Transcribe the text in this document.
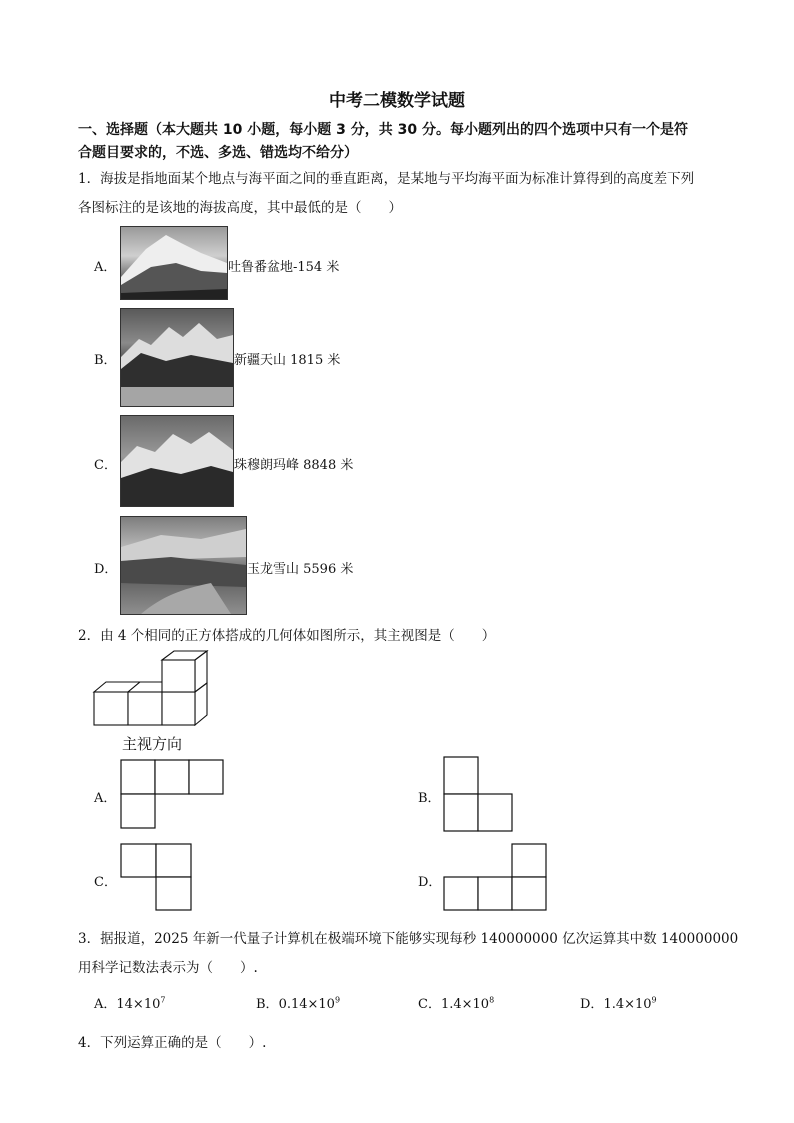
中考二模数学试题
一、选择题（本大题共 10 小题，每小题 3 分，共 30 分。每小题列出的四个选项中只有一个是符
合题目要求的，不选、多选、错选均不给分）
1．海拔是指地面某个地点与海平面之间的垂直距离，是某地与平均海平面为标准计算得到的高度差下列
各图标注的是该地的海拔高度，其中最低的是（　　）
A．	吐鲁番盆地-154 米
B．	新疆天山 1815 米
C．	珠穆朗玛峰 8848 米
D．	玉龙雪山 5596 米
2．由 4 个相同的正方体搭成的几何体如图所示，其主视图是（　　）
主视方向
A．	B．
C．	D．
3．据报道，2025 年新一代量子计算机在极端环境下能够实现每秒 140000000 亿次运算其中数 140000000
用科学记数法表示为（　　）.
A．$14\times 10^7$	B．$0.14\times 10^9$	C．$1.4\times 10^8$	D．$1.4\times 10^9$
4．下列运算正确的是（　　）.
